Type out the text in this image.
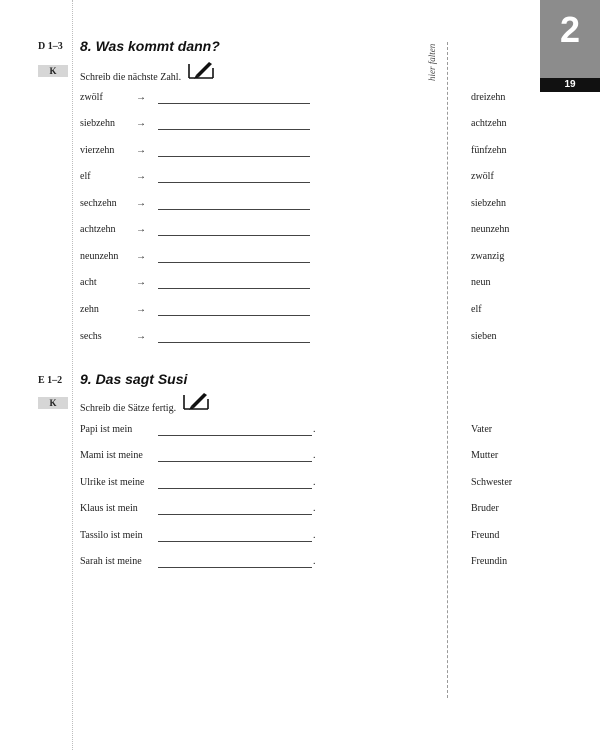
hier falten
2
19
D 1–3
K
8. Was kommt dann?
Schreib die nächste Zahl.
zwölf	→	dreizehn
siebzehn →	achtzehn
vierzehn →	fünfzehn
elf	→	zwölf
sechzehn →	siebzehn
achtzehn →	neunzehn
neunzehn →	zwanzig
acht	→	neun
zehn	→	elf
sechs	→	sieben
E 1–2
K
9. Das sagt Susi
Schreib die Sätze fertig.
Papi ist mein	.	Vater
Mami ist meine	.	Mutter
Ulrike ist meine	.	Schwester
Klaus ist mein	.	Bruder
Tassilo ist mein	.	Freund
Sarah ist meine	.	Freundin
